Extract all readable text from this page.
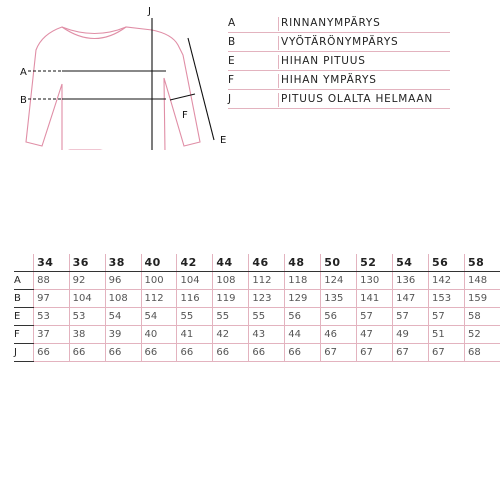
J
A
B
F
E
A	RINNANYMPÄRYS
B	VYÖTÄRÖNYMPÄRYS
E	HIHAN PITUUS
F	HIHAN YMPÄRYS
J	PITUUS OLALTA HELMAAN
	34	36	38	40	42	44	46	48	50	52	54	56	58
A	88	92	96	100	104	108	112	118	124	130	136	142	148
B	97	104	108	112	116	119	123	129	135	141	147	153	159
E	53	53	54	54	55	55	55	56	56	57	57	57	58
F	37	38	39	40	41	42	43	44	46	47	49	51	52
J	66	66	66	66	66	66	66	66	67	67	67	67	68
